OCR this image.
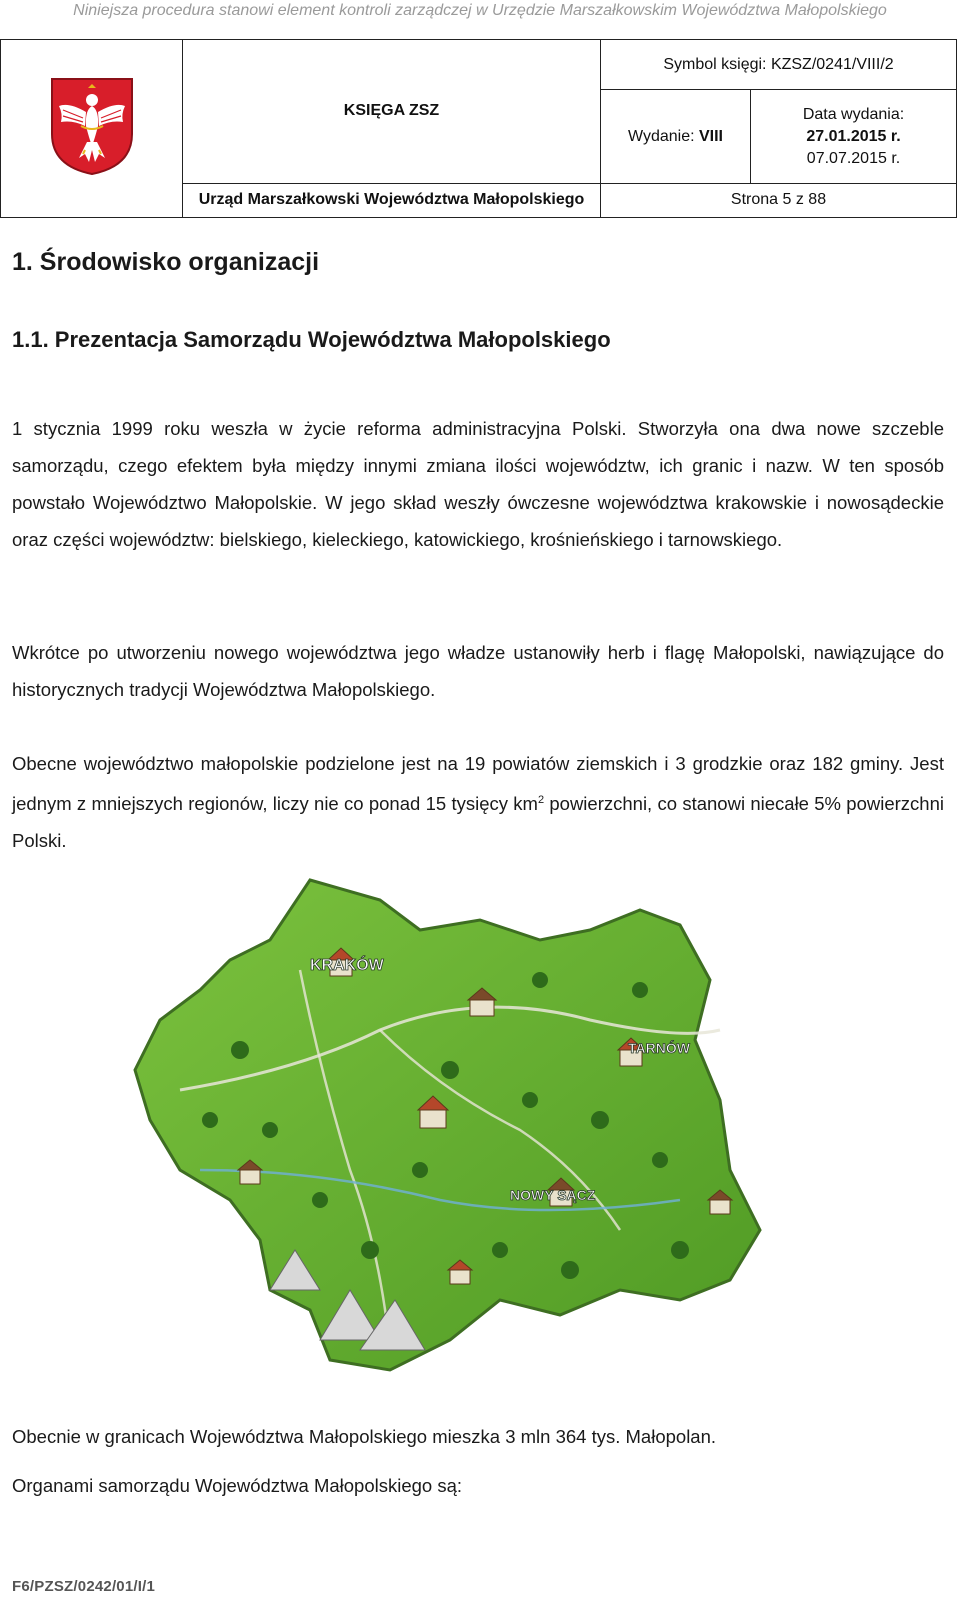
Niniejsza procedura stanowi element kontroli zarządczej w Urzędzie Marszałkowskim Województwa Małopolskiego
	KSIĘGA ZSZ	Symbol księgi: KZSZ/0241/VIII/2	
		Wydanie: VIII	Data wydania:
27.01.2015 r.
07.07.2015 r.

	Urząd Marszałkowski Województwa Małopolskiego	Strona 5 z 88	
1. Środowisko organizacji
1.1. Prezentacja Samorządu Województwa Małopolskiego

1 stycznia 1999 roku weszła w życie reforma administracyjna Polski. Stworzyła ona dwa nowe szczeble samorządu, czego efektem była między innymi zmiana ilości województw, ich granic i nazw. W ten sposób powstało Województwo Małopolskie. W jego skład weszły ówczesne województwa krakowskie i nowosądeckie oraz części województw: bielskiego, kieleckiego, katowickiego, krośnieńskiego i tarnowskiego.

Wkrótce po utworzeniu nowego województwa jego władze ustanowiły herb i flagę Małopolski, nawiązujące do historycznych tradycji Województwa Małopolskiego.

Obecne województwo małopolskie podzielone jest na 19 powiatów ziemskich i 3 grodzkie oraz 182 gminy. Jest jednym z mniejszych regionów, liczy nie co ponad 15 tysięcy $km^2$ powierzchni, co stanowi niecałe 5% powierzchni Polski.

KRAKÓW
TARNÓW
NOWY SĄCZ

Obecnie w granicach Województwa Małopolskiego mieszka 3 mln 364 tys. Małopolan.

Organami samorządu Województwa Małopolskiego są:

F6/PZSZ/0242/01/I/1
